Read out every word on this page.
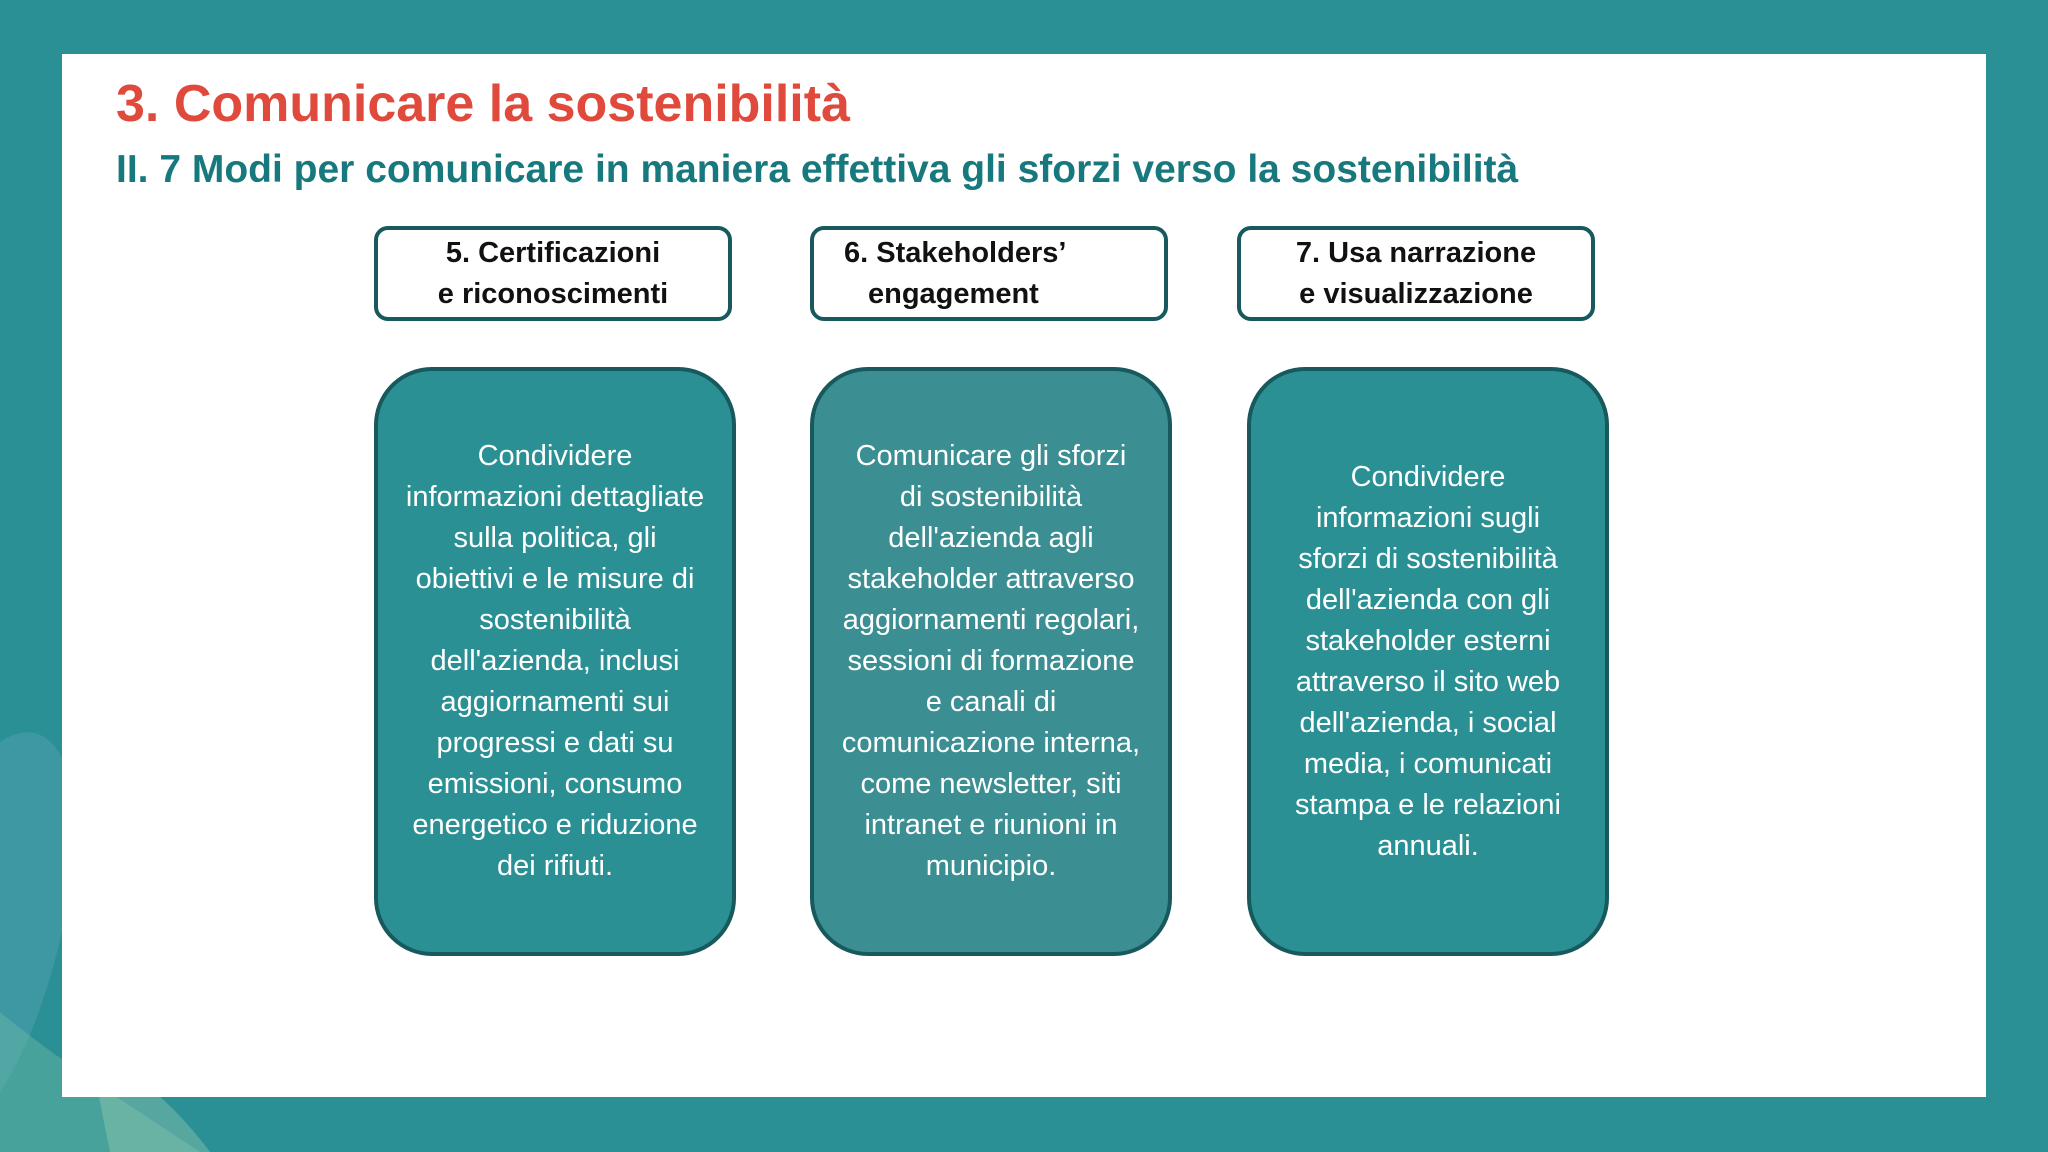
3. Comunicare la sostenibilità
II. 7 Modi per comunicare in maniera effettiva gli sforzi verso la sostenibilità
5. Certificazioni
e riconoscimenti
6. Stakeholders’
engagement
7. Usa narrazione
e visualizzazione

Condividere informazioni dettagliate sulla politica, gli obiettivi e le misure di sostenibilità dell'azienda, inclusi aggiornamenti sui progressi e dati su emissioni, consumo energetico e riduzione dei rifiuti.

Comunicare gli sforzi di sostenibilità dell'azienda agli stakeholder attraverso aggiornamenti regolari, sessioni di formazione e canali di comunicazione interna, come newsletter, siti intranet e riunioni in municipio.

Condividere informazioni sugli sforzi di sostenibilità dell'azienda con gli stakeholder esterni attraverso il sito web dell'azienda, i social media, i comunicati stampa e le relazioni annuali.
